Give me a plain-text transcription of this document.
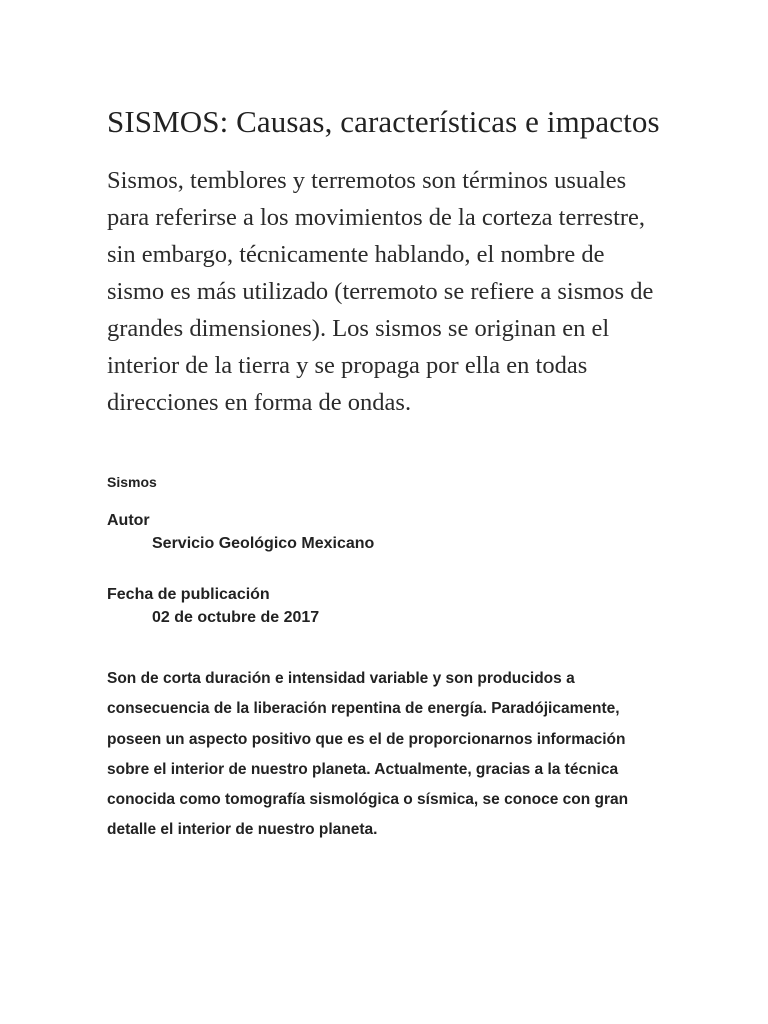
SISMOS: Causas, características e impactos

Sismos, temblores y terremotos son términos usuales para referirse a los movimientos de la corteza terrestre, sin embargo, técnicamente hablando, el nombre de sismo es más utilizado (terremoto se refiere a sismos de grandes dimensiones). Los sismos se originan en el interior de la tierra y se propaga por ella en todas direcciones en forma de ondas.

Sismos

Autor

Servicio Geológico Mexicano

Fecha de publicación

02 de octubre de 2017

Son de corta duración e intensidad variable y son producidos a consecuencia de la liberación repentina de energía. Paradójicamente, poseen un aspecto positivo que es el de proporcionarnos información sobre el interior de nuestro planeta. Actualmente, gracias a la técnica conocida como tomografía sismológica o sísmica, se conoce con gran detalle el interior de nuestro planeta.
